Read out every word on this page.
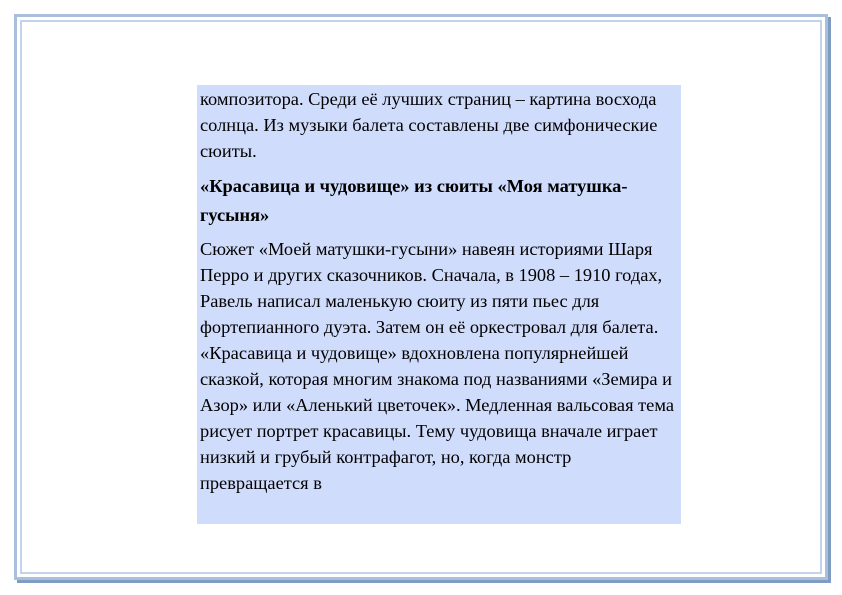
композитора. Среди её лучших страниц – картина восхода солнца. Из музыки балета составлены две симфонические сюиты.

«Красавица и чудовище» из сюиты «Моя матушка-гусыня»

Сюжет «Моей матушки-гусыни» навеян историями Шаря Перро и других сказочников. Сначала, в 1908 – 1910 годах, Равель написал маленькую сюиту из пяти пьес для фортепианного дуэта. Затем он её оркестровал для балета. «Красавица и чудовище» вдохновлена популярнейшей сказкой, которая многим знакома под названиями «Земира и Азор» или «Аленький цветочек». Медленная вальсовая тема рисует портрет красавицы. Тему чудовища вначале играет низкий и грубый контрафагот, но, когда монстр превращается в
